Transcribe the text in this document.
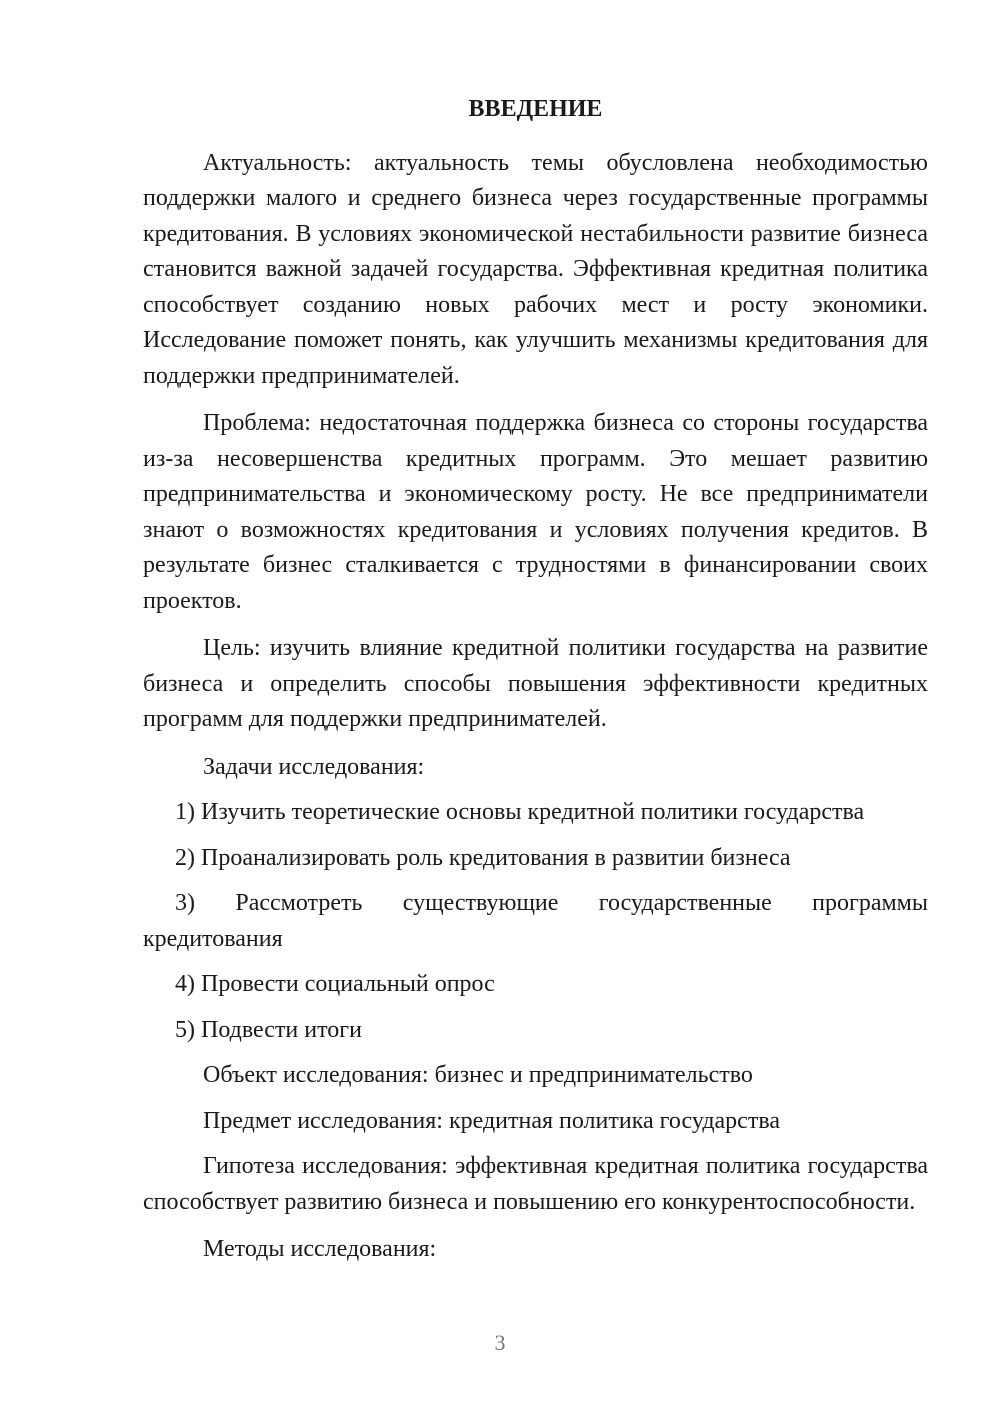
ВВЕДЕНИЕ

Актуальность: актуальность темы обусловлена необходимостью поддержки малого и среднего бизнеса через государственные программы кредитования. В условиях экономической нестабильности развитие бизнеса становится важной задачей государства. Эффективная кредитная политика способствует созданию новых рабочих мест и росту экономики. Исследование поможет понять, как улучшить механизмы кредитования для поддержки предпринимателей.

Проблема: недостаточная поддержка бизнеса со стороны государства из-за несовершенства кредитных программ. Это мешает развитию предпринимательства и экономическому росту. Не все предприниматели знают о возможностях кредитования и условиях получения кредитов. В результате бизнес сталкивается с трудностями в финансировании своих проектов.

Цель: изучить влияние кредитной политики государства на развитие бизнеса и определить способы повышения эффективности кредитных программ для поддержки предпринимателей.

Задачи исследования:

1) Изучить теоретические основы кредитной политики государства

2) Проанализировать роль кредитования в развитии бизнеса

3) Рассмотреть существующие государственные программы кредитования

4) Провести социальный опрос

5) Подвести итоги

Объект исследования: бизнес и предпринимательство

Предмет исследования: кредитная политика государства

Гипотеза исследования: эффективная кредитная политика государства способствует развитию бизнеса и повышению его конкурентоспособности.

Методы исследования:

3
